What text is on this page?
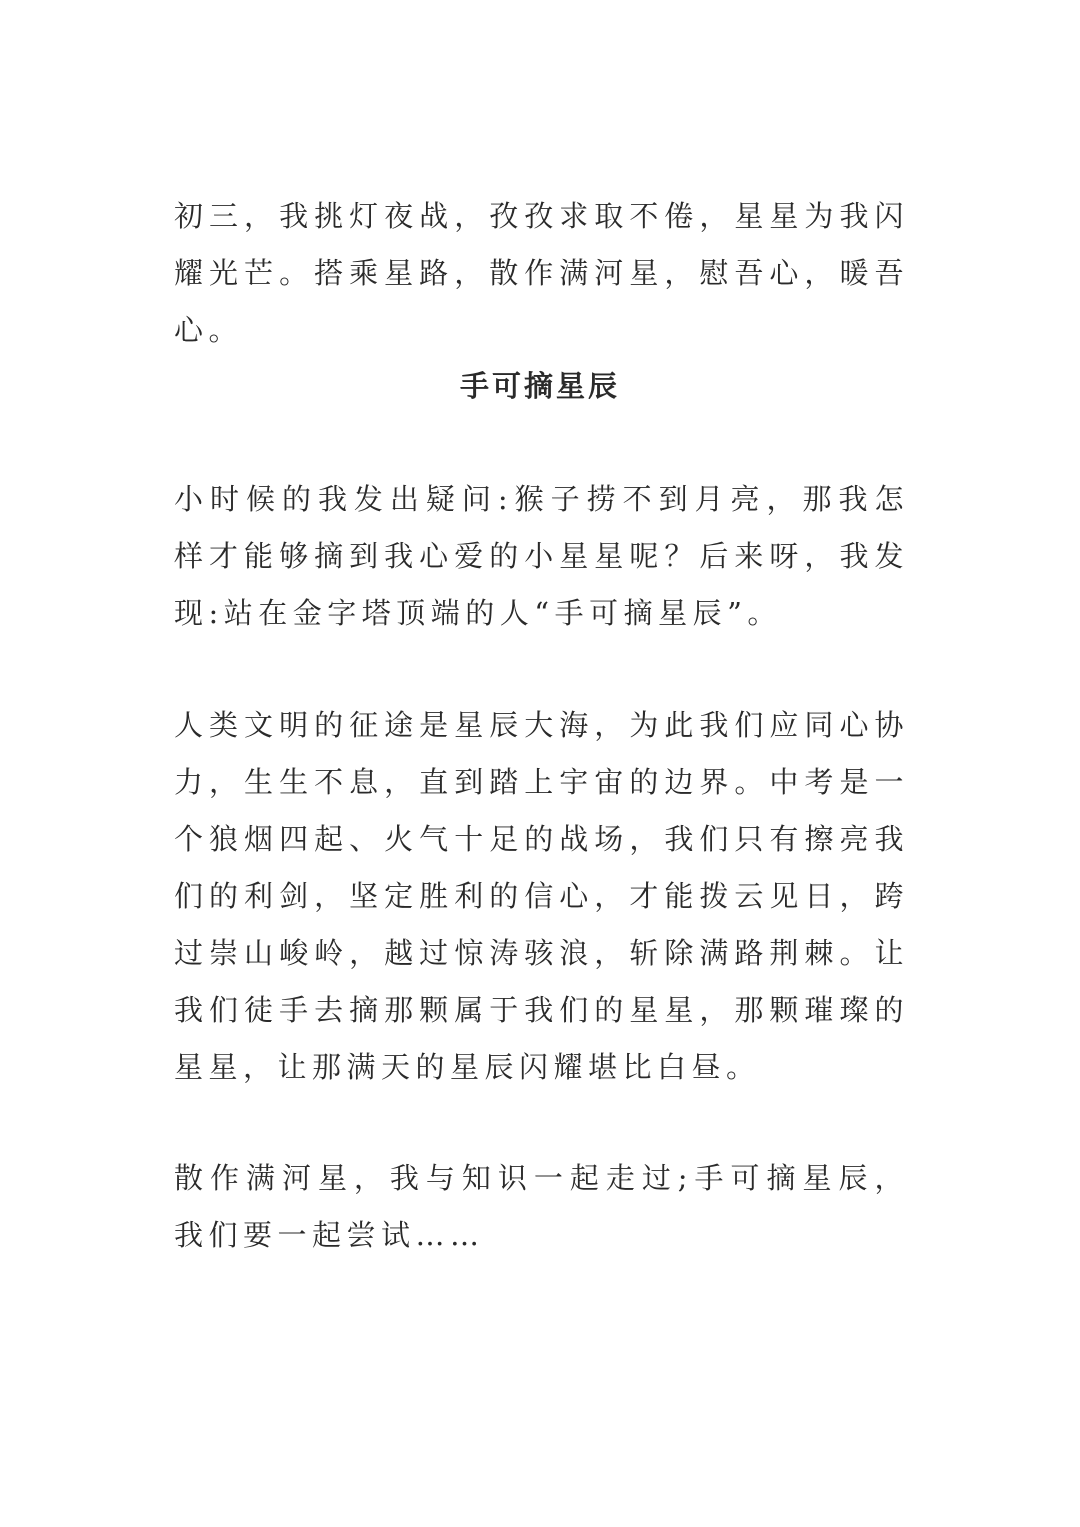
初三，我挑灯夜战，孜孜求取不倦，星星为我闪耀光芒。搭乘星路，散作满河星，慰吾心，暖吾心。

手可摘星辰

小时候的我发出疑问:猴子捞不到月亮，那我怎样才能够摘到我心爱的小星星呢？后来呀，我发现:站在金字塔顶端的人“手可摘星辰”。

人类文明的征途是星辰大海，为此我们应同心协力，生生不息，直到踏上宇宙的边界。中考是一个狼烟四起、火气十足的战场，我们只有擦亮我们的利剑，坚定胜利的信心，才能拨云见日，跨过崇山峻岭，越过惊涛骇浪，斩除满路荆棘。让我们徒手去摘那颗属于我们的星星，那颗璀璨的星星，让那满天的星辰闪耀堪比白昼。

散作满河星，我与知识一起走过;手可摘星辰，我们要一起尝试……
